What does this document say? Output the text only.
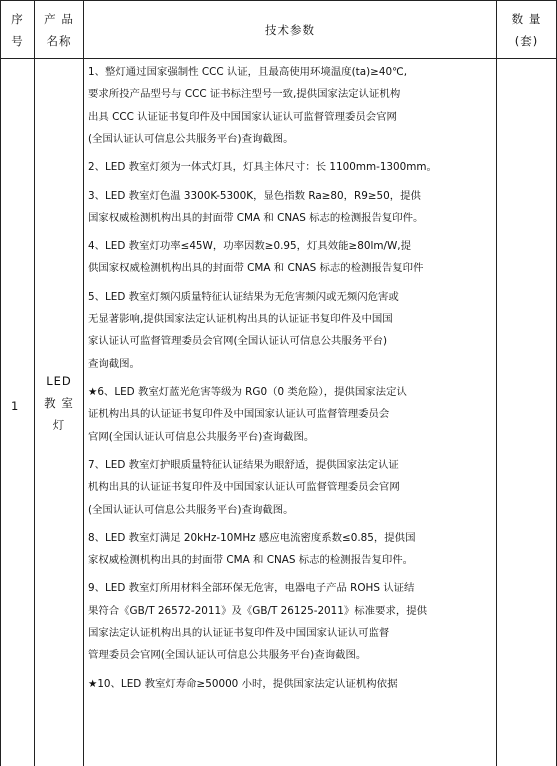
序
号
产 品
名称
技术参数
数 量
(套)
1
LED
教 室
灯
1、整灯通过国家强制性 CCC 认证，且最高使用环境温度(ta)≥40℃,
要求所投产品型号与 CCC 证书标注型号一致,提供国家法定认证机构
出具 CCC 认证证书复印件及中国国家认证认可监督管理委员会官网
(全国认证认可信息公共服务平台)查询截图。
2、LED 教室灯须为一体式灯具，灯具主体尺寸：长 1100mm-1300mm。
3、LED 教室灯色温 3300K-5300K，显色指数 Ra≥80，R9≥50，提供
国家权威检测机构出具的封面带 CMA 和 CNAS 标志的检测报告复印件。
4、LED 教室灯功率≤45W，功率因数≥0.95，灯具效能≥80lm/W,提
供国家权威检测机构出具的封面带 CMA 和 CNAS 标志的检测报告复印件
5、LED 教室灯频闪质量特征认证结果为无危害频闪或无频闪危害或
无显著影响,提供国家法定认证机构出具的认证证书复印件及中国国
家认证认可监督管理委员会官网(全国认证认可信息公共服务平台)
查询截图。
★6、LED 教室灯蓝光危害等级为 RG0（0 类危险），提供国家法定认
证机构出具的认证证书复印件及中国国家认证认可监督管理委员会
官网(全国认证认可信息公共服务平台)查询截图。
7、LED 教室灯护眼质量特征认证结果为眼舒适，提供国家法定认证
机构出具的认证证书复印件及中国国家认证认可监督管理委员会官网
(全国认证认可信息公共服务平台)查询截图。
8、LED 教室灯满足 20kHz-10MHz 感应电流密度系数≤0.85，提供国
家权威检测机构出具的封面带 CMA 和 CNAS 标志的检测报告复印件。
9、LED 教室灯所用材料全部环保无危害，电器电子产品 ROHS 认证结
果符合《GB/T 26572-2011》及《GB/T 26125-2011》标准要求，提供
国家法定认证机构出具的认证证书复印件及中国国家认证认可监督
管理委员会官网(全国认证认可信息公共服务平台)查询截图。
★10、LED 教室灯寿命≥50000 小时，提供国家法定认证机构依据
